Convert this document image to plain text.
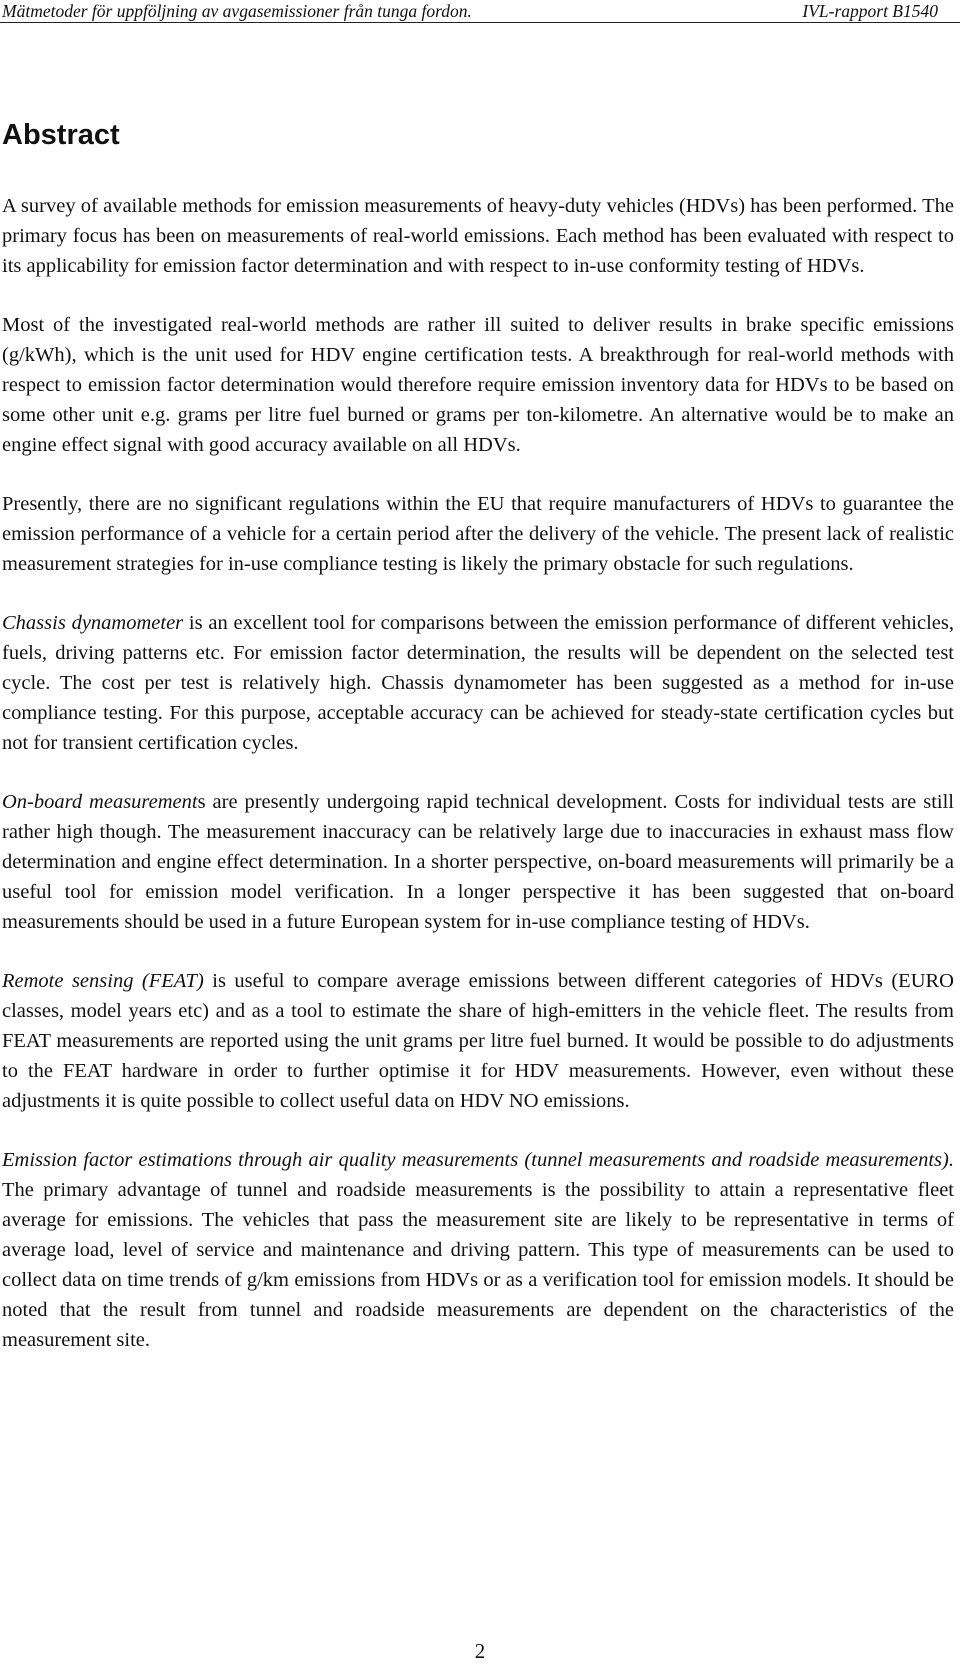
Mätmetoder för uppföljning av avgasemissioner från tunga fordon.	IVL-rapport B1540
Abstract

A survey of available methods for emission measurements of heavy-duty vehicles (HDVs) has been performed. The primary focus has been on measurements of real-world emissions. Each method has been evaluated with respect to its applicability for emission factor determination and with respect to in-use conformity testing of HDVs.

Most of the investigated real-world methods are rather ill suited to deliver results in brake specific emissions (g/kWh), which is the unit used for HDV engine certification tests. A breakthrough for real-world methods with respect to emission factor determination would therefore require emission inventory data for HDVs to be based on some other unit e.g. grams per litre fuel burned or grams per ton-kilometre. An alternative would be to make an engine effect signal with good accuracy available on all HDVs.

Presently, there are no significant regulations within the EU that require manufacturers of HDVs to guarantee the emission performance of a vehicle for a certain period after the delivery of the vehicle. The present lack of realistic measurement strategies for in-use compliance testing is likely the primary obstacle for such regulations.

Chassis dynamometer is an excellent tool for comparisons between the emission performance of different vehicles, fuels, driving patterns etc. For emission factor determination, the results will be dependent on the selected test cycle. The cost per test is relatively high. Chassis dynamometer has been suggested as a method for in-use compliance testing. For this purpose, acceptable accuracy can be achieved for steady-state certification cycles but not for transient certification cycles.

On-board measurements are presently undergoing rapid technical development. Costs for individual tests are still rather high though. The measurement inaccuracy can be relatively large due to inaccuracies in exhaust mass flow determination and engine effect determination. In a shorter perspective, on-board measurements will primarily be a useful tool for emission model verification. In a longer perspective it has been suggested that on-board measurements should be used in a future European system for in-use compliance testing of HDVs.

Remote sensing (FEAT) is useful to compare average emissions between different categories of HDVs (EURO classes, model years etc) and as a tool to estimate the share of high-emitters in the vehicle fleet. The results from FEAT measurements are reported using the unit grams per litre fuel burned. It would be possible to do adjustments to the FEAT hardware in order to further optimise it for HDV measurements. However, even without these adjustments it is quite possible to collect useful data on HDV NO emissions.

Emission factor estimations through air quality measurements (tunnel measurements and roadside measurements). The primary advantage of tunnel and roadside measurements is the possibility to attain a representative fleet average for emissions. The vehicles that pass the measurement site are likely to be representative in terms of average load, level of service and maintenance and driving pattern. This type of measurements can be used to collect data on time trends of g/km emissions from HDVs or as a verification tool for emission models. It should be noted that the result from tunnel and roadside measurements are dependent on the characteristics of the measurement site.

2
